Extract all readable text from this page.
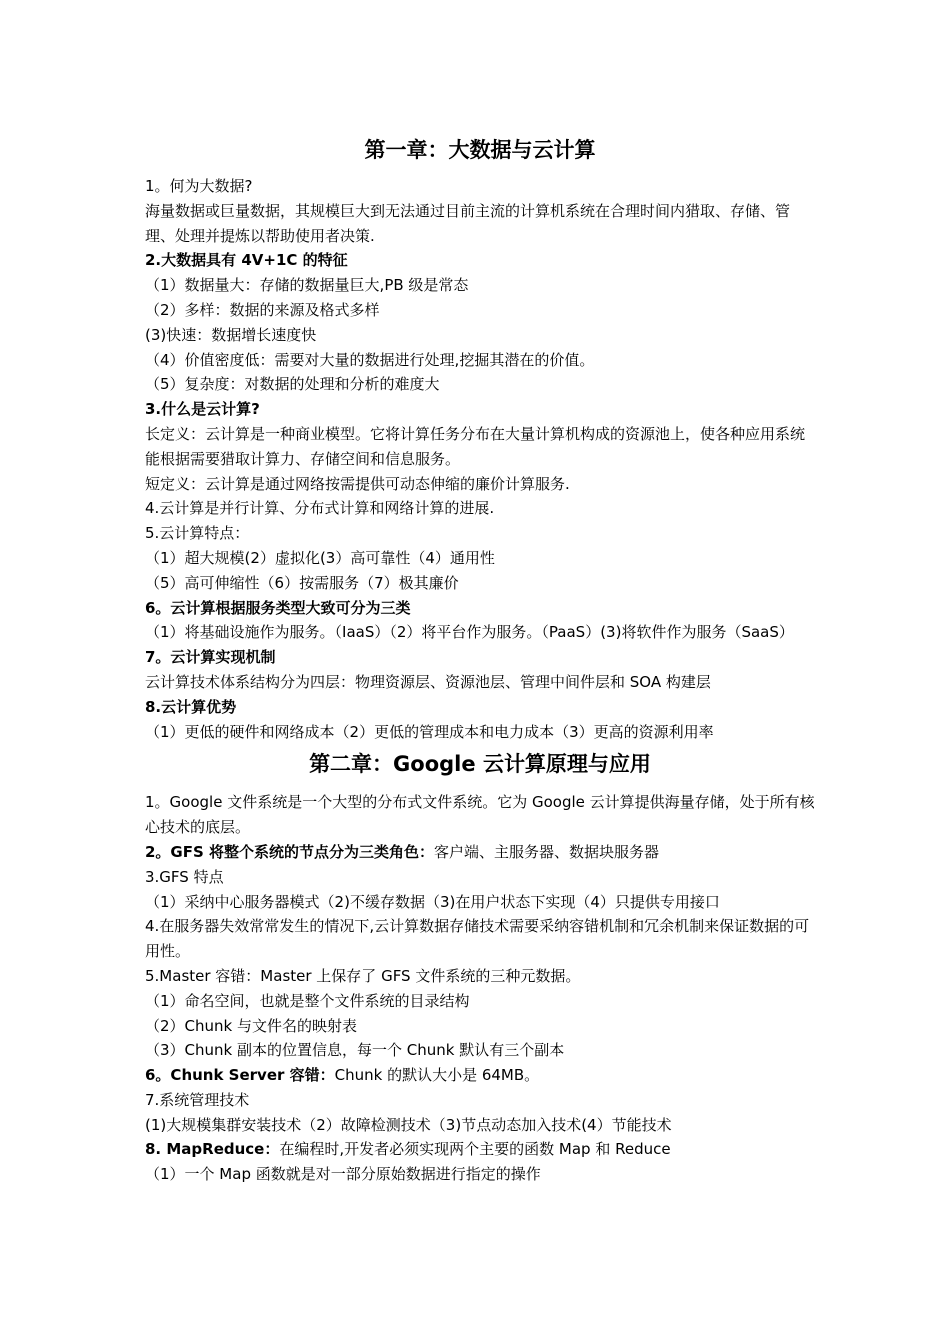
第一章：大数据与云计算
1。何为大数据?
海量数据或巨量数据，其规模巨大到无法通过目前主流的计算机系统在合理时间内猎取、存储、管理、处理并提炼以帮助使用者决策.
2.大数据具有 4V+1C 的特征
（1）数据量大：存储的数据量巨大,PB 级是常态
（2）多样：数据的来源及格式多样
(3)快速：数据增长速度快
（4）价值密度低：需要对大量的数据进行处理,挖掘其潜在的价值。
（5）复杂度：对数据的处理和分析的难度大
3.什么是云计算?
长定义：云计算是一种商业模型。它将计算任务分布在大量计算机构成的资源池上，使各种应用系统能根据需要猎取计算力、存储空间和信息服务。
短定义：云计算是通过网络按需提供可动态伸缩的廉价计算服务.
4.云计算是并行计算、分布式计算和网络计算的进展.
5.云计算特点：
（1）超大规模(2）虚拟化(3）高可靠性（4）通用性
（5）高可伸缩性（6）按需服务（7）极其廉价
6。云计算根据服务类型大致可分为三类
（1）将基础设施作为服务。（IaaS）（2）将平台作为服务。（PaaS）(3)将软件作为服务（SaaS）
7。云计算实现机制
云计算技术体系结构分为四层：物理资源层、资源池层、管理中间件层和 SOA 构建层
8.云计算优势
（1）更低的硬件和网络成本（2）更低的管理成本和电力成本（3）更高的资源利用率
第二章：Google 云计算原理与应用
1。Google 文件系统是一个大型的分布式文件系统。它为 Google 云计算提供海量存储，处于所有核心技术的底层。
2。GFS 将整个系统的节点分为三类角色：客户端、主服务器、数据块服务器
3.GFS 特点
（1）采纳中心服务器模式（2)不缓存数据（3)在用户状态下实现（4）只提供专用接口
4.在服务器失效常常发生的情况下,云计算数据存储技术需要采纳容错机制和冗余机制来保证数据的可用性。
5.Master 容错：Master 上保存了 GFS 文件系统的三种元数据。
（1）命名空间，也就是整个文件系统的目录结构
（2）Chunk 与文件名的映射表
（3）Chunk 副本的位置信息，每一个 Chunk 默认有三个副本
6。Chunk Server 容错：Chunk 的默认大小是 64MB。
7.系统管理技术
(1)大规模集群安装技术（2）故障检测技术（3)节点动态加入技术(4）节能技术
8. MapReduce：在编程时,开发者必须实现两个主要的函数 Map 和 Reduce
（1）一个 Map 函数就是对一部分原始数据进行指定的操作
